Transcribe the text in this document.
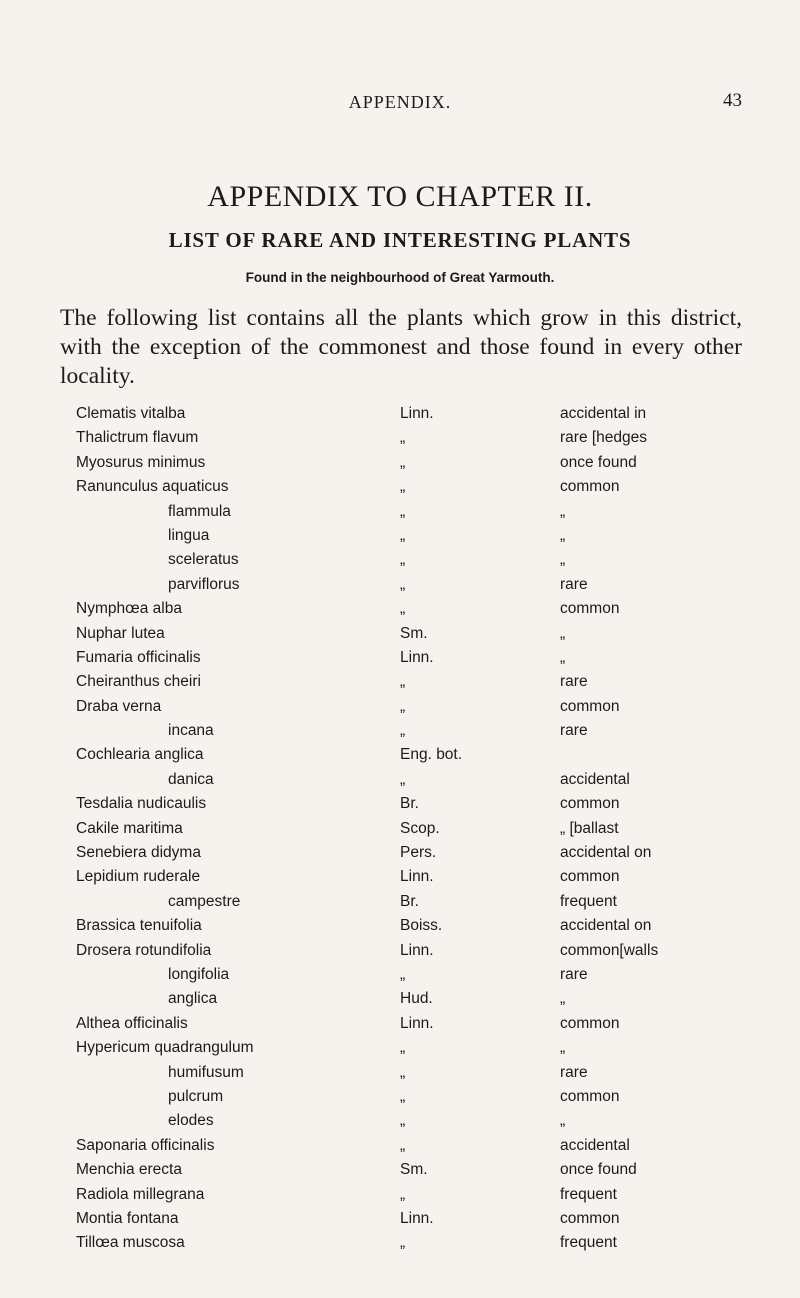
APPENDIX.	43
APPENDIX TO CHAPTER II.
LIST OF RARE AND INTERESTING PLANTS
Found in the neighbourhood of Great Yarmouth.

The following list contains all the plants which grow in this district, with the exception of the commonest and those found in every other locality.

Clematis vitalba	Linn.	accidental in
Thalictrum flavum	„	rare [hedges
Myosurus minimus	„	once found
Ranunculus aquaticus	„	common
flammula	„	„
lingua	„	„
sceleratus	„	„
parviflorus	„	rare
Nymphœa alba	„	common
Nuphar lutea	Sm.	„
Fumaria officinalis	Linn.	„
Cheiranthus cheiri	„	rare
Draba verna	„	common
incana	„	rare
Cochlearia anglica	Eng. bot.
danica	„	accidental
Tesdalia nudicaulis	Br.	common
Cakile maritima	Scop.	„ [ballast
Senebiera didyma	Pers.	accidental on
Lepidium ruderale	Linn.	common
campestre	Br.	frequent
Brassica tenuifolia	Boiss.	accidental on
Drosera rotundifolia	Linn.	common[walls
longifolia	„	rare
anglica	Hud.	„
Althea officinalis	Linn.	common
Hypericum quadrangulum	„	„
humifusum	„	rare
pulcrum	„	common
elodes	„	„
Saponaria officinalis	„	accidental
Menchia erecta	Sm.	once found
Radiola millegrana	„	frequent
Montia fontana	Linn.	common
Tillœa muscosa	„	frequent
